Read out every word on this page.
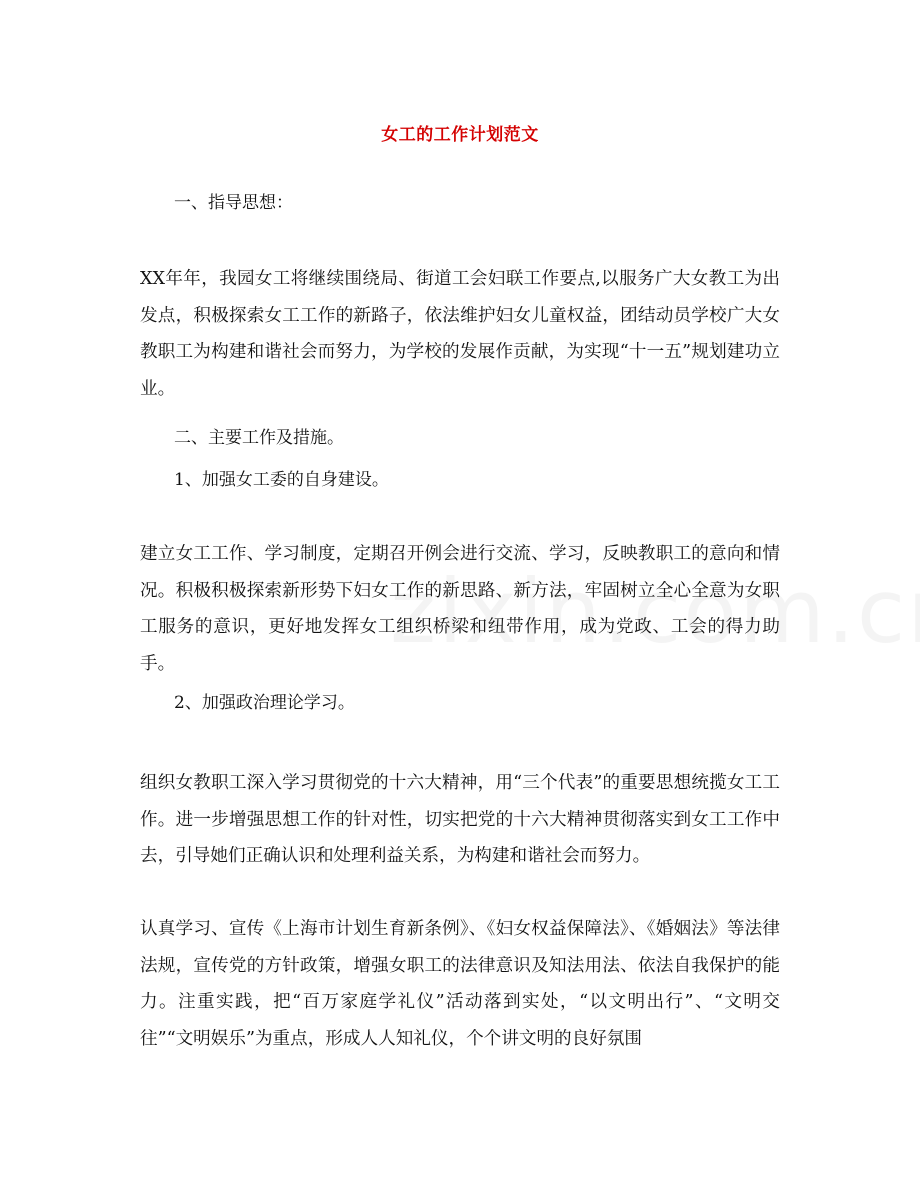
女工的工作计划范文
一、指导思想：
XX年年，我园女工将继续围绕局、街道工会妇联工作要点,以服务广大女教工为出发点，积极探索女工工作的新路子，依法维护妇女儿童权益，团结动员学校广大女教职工为构建和谐社会而努力，为学校的发展作贡献，为实现“十一五”规划建功立业。
二、主要工作及措施。
1、加强女工委的自身建设。
建立女工工作、学习制度，定期召开例会进行交流、学习，反映教职工的意向和情况。积极积极探索新形势下妇女工作的新思路、新方法，牢固树立全心全意为女职工服务的意识，更好地发挥女工组织桥梁和纽带作用，成为党政、工会的得力助手。
2、加强政治理论学习。
组织女教职工深入学习贯彻党的十六大精神，用“三个代表”的重要思想统揽女工工作。进一步增强思想工作的针对性，切实把党的十六大精神贯彻落实到女工工作中去，引导她们正确认识和处理利益关系，为构建和谐社会而努力。
认真学习、宣传《上海市计划生育新条例》、《妇女权益保障法》、《婚姻法》等法律法规，宣传党的方针政策，增强女职工的法律意识及知法用法、依法自我保护的能力。注重实践，把“百万家庭学礼仪”活动落到实处，“以文明出行”、“文明交往”“文明娱乐”为重点，形成人人知礼仪，个个讲文明的良好氛围
